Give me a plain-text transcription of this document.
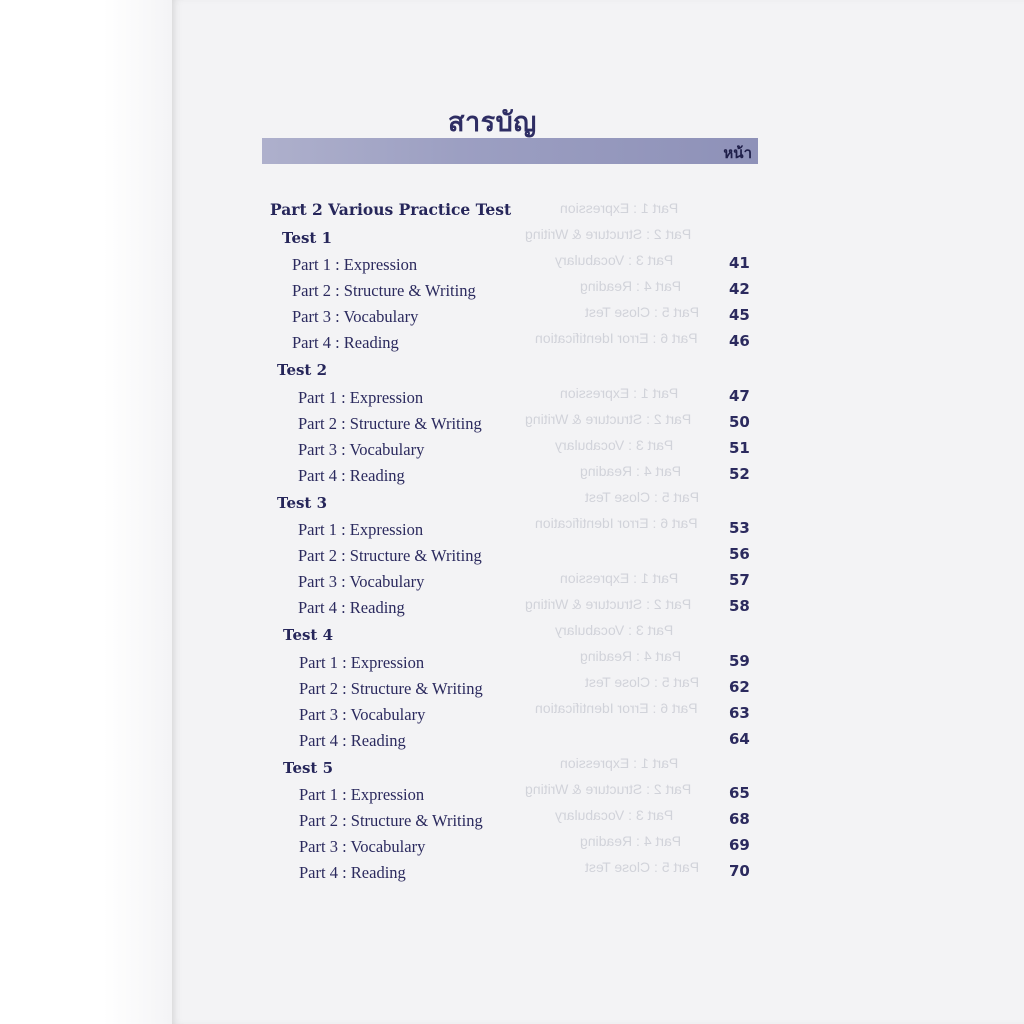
Part 1 : Expression
Part 2 : Structure & Writing
Part 3 : Vocabulary
Part 4 : Reading
Part 5 : Close Test
Part 6 : Error Identification
Part 1 : Expression
Part 2 : Structure & Writing
Part 3 : Vocabulary
Part 4 : Reading
Part 5 : Close Test
Part 6 : Error Identification
Part 1 : Expression
Part 2 : Structure & Writing
Part 3 : Vocabulary
Part 4 : Reading
Part 5 : Close Test
Part 6 : Error Identification
Part 1 : Expression
Part 2 : Structure & Writing
Part 3 : Vocabulary
Part 4 : Reading
Part 5 : Close Test
สารบัญ
หน้า
Part 2 Various Practice Test
Test 1
Part 1 : Expression	41
Part 2 : Structure & Writing	42
Part 3 : Vocabulary	45
Part 4 : Reading	46
Test 2
Part 1 : Expression	47
Part 2 : Structure & Writing	50
Part 3 : Vocabulary	51
Part 4 : Reading	52
Test 3
Part 1 : Expression	53
Part 2 : Structure & Writing	56
Part 3 : Vocabulary	57
Part 4 : Reading	58
Test 4
Part 1 : Expression	59
Part 2 : Structure & Writing	62
Part 3 : Vocabulary	63
Part 4 : Reading	64
Test 5
Part 1 : Expression	65
Part 2 : Structure & Writing	68
Part 3 : Vocabulary	69
Part 4 : Reading	70
